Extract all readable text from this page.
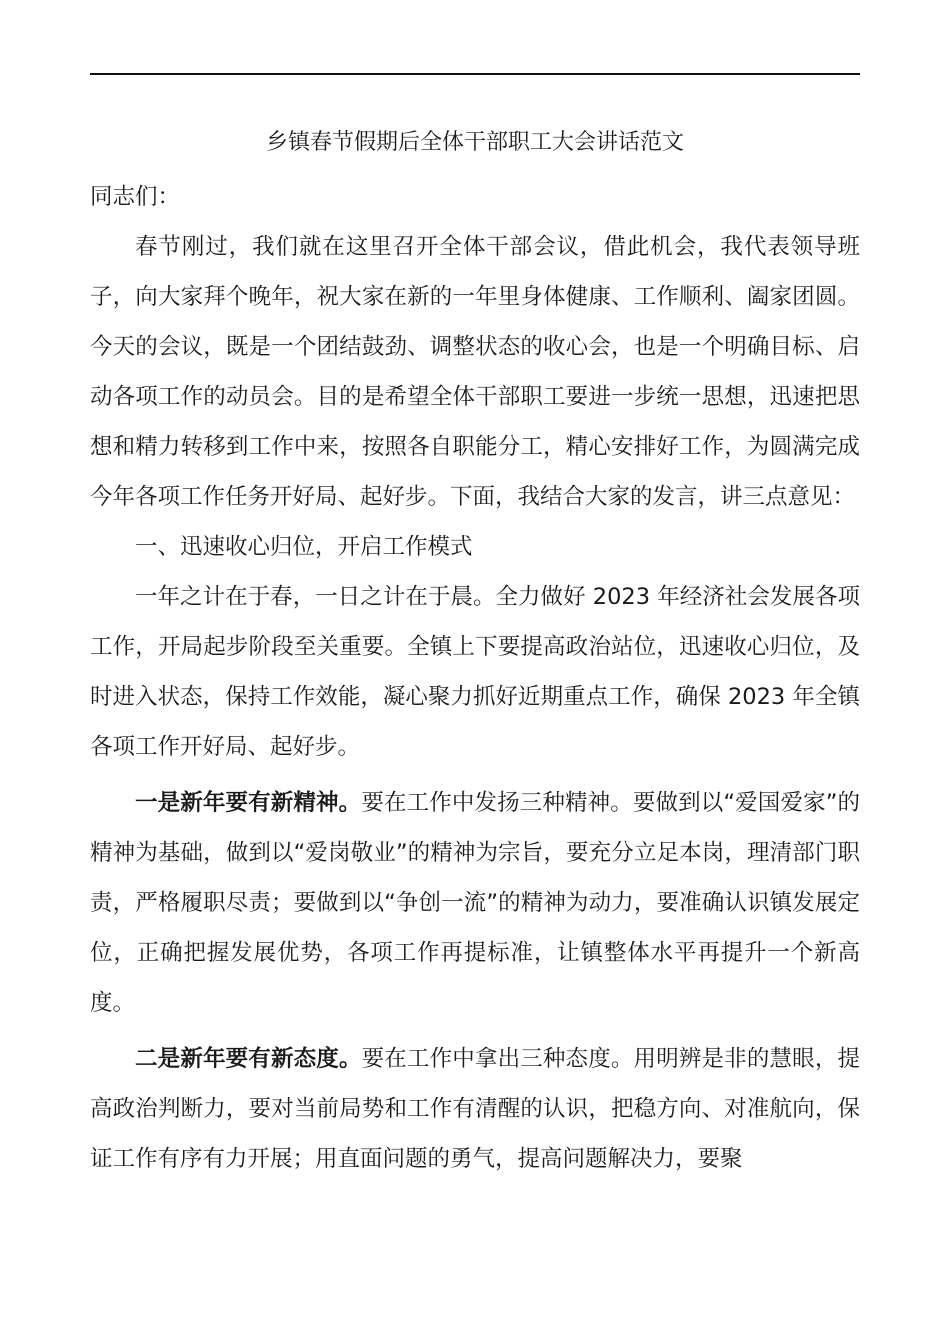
乡镇春节假期后全体干部职工大会讲话范文

同志们：

春节刚过，我们就在这里召开全体干部会议，借此机会，我代表领导班子，向大家拜个晚年，祝大家在新的一年里身体健康、工作顺利、阖家团圆。今天的会议，既是一个团结鼓劲、调整状态的收心会，也是一个明确目标、启动各项工作的动员会。目的是希望全体干部职工要进一步统一思想，迅速把思想和精力转移到工作中来，按照各自职能分工，精心安排好工作，为圆满完成今年各项工作任务开好局、起好步。下面，我结合大家的发言，讲三点意见：

一、迅速收心归位，开启工作模式

一年之计在于春，一日之计在于晨。全力做好 2023 年经济社会发展各项工作，开局起步阶段至关重要。全镇上下要提高政治站位，迅速收心归位，及时进入状态，保持工作效能，凝心聚力抓好近期重点工作，确保 2023 年全镇各项工作开好局、起好步。

一是新年要有新精神。要在工作中发扬三种精神。要做到以“爱国爱家”的精神为基础，做到以“爱岗敬业”的精神为宗旨，要充分立足本岗，理清部门职责，严格履职尽责；要做到以“争创一流”的精神为动力，要准确认识镇发展定位，正确把握发展优势，各项工作再提标准，让镇整体水平再提升一个新高度。

二是新年要有新态度。要在工作中拿出三种态度。用明辨是非的慧眼，提高政治判断力，要对当前局势和工作有清醒的认识，把稳方向、对准航向，保证工作有序有力开展；用直面问题的勇气，提高问题解决力，要聚
